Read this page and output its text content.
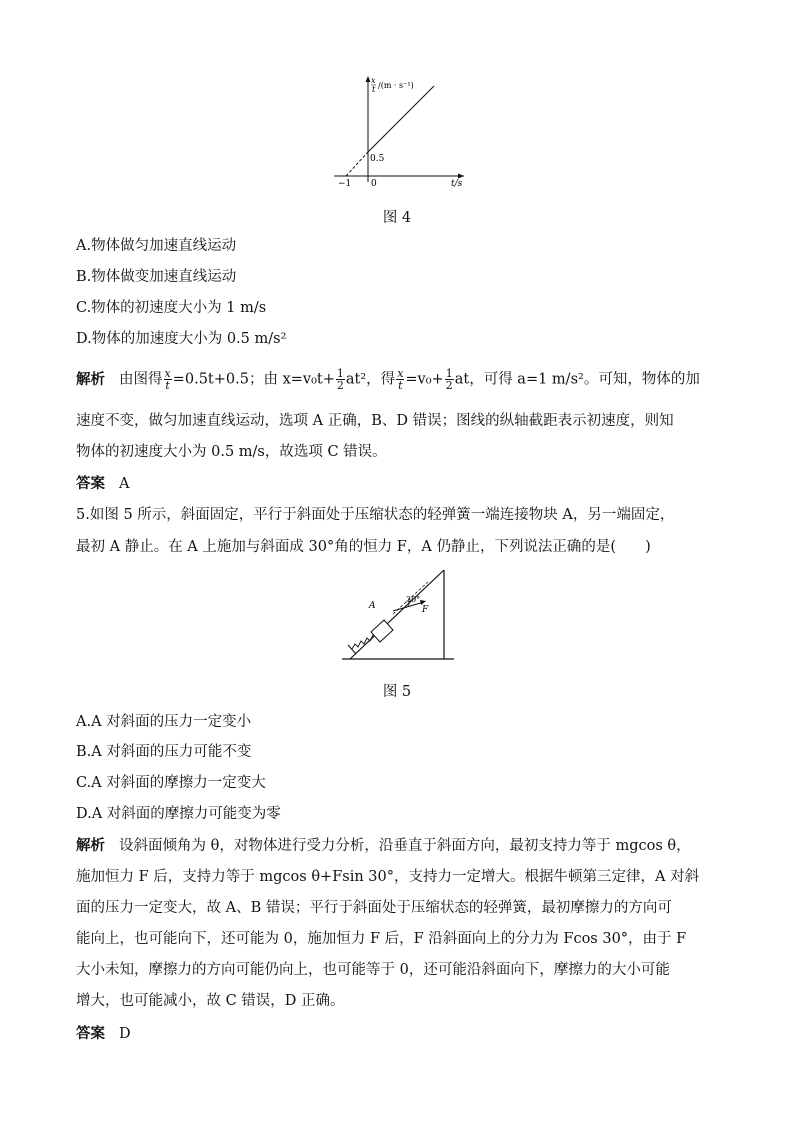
x
t /(m · s⁻¹)
0.5
0
−1	t/s
图 4
A.物体做匀加速直线运动
B.物体做变加速直线运动
C.物体的初速度大小为 1 m/s
D.物体的加速度大小为 0.5 m/s²
解析 由图得 $\frac{x}{t} =0.5t+0.5$；由 $x=v_0t+ \frac{1}{2} at^2$，得 $\frac{x}{t} =v_0+ \frac{1}{2}$ at，可得 a=1 m/s²。可知，物体的加
速度不变，做匀加速直线运动，选项 A 正确，B、D 错误；图线的纵轴截距表示初速度，则知
物体的初速度大小为 0.5 m/s，故选项 C 错误。
答案 A
5.如图 5 所示，斜面固定，平行于斜面处于压缩状态的轻弹簧一端连接物块 A，另一端固定，
最初 A 静止。在 A 上施加与斜面成 30°角的恒力 F，A 仍静止，下列说法正确的是(　　)
A
30°
F
图 5
A.A 对斜面的压力一定变小
B.A 对斜面的压力可能不变
C.A 对斜面的摩擦力一定变大
D.A 对斜面的摩擦力可能变为零
解析 设斜面倾角为 θ，对物体进行受力分析，沿垂直于斜面方向，最初支持力等于 mgcos θ，
施加恒力 F 后，支持力等于 mgcos θ+Fsin 30°，支持力一定增大。根据牛顿第三定律，A 对斜
面的压力一定变大，故 A、B 错误；平行于斜面处于压缩状态的轻弹簧，最初摩擦力的方向可
能向上，也可能向下，还可能为 0，施加恒力 F 后，F 沿斜面向上的分力为 Fcos 30°，由于 F
大小未知，摩擦力的方向可能仍向上，也可能等于 0，还可能沿斜面向下，摩擦力的大小可能
增大，也可能减小，故 C 错误，D 正确。
答案 D
